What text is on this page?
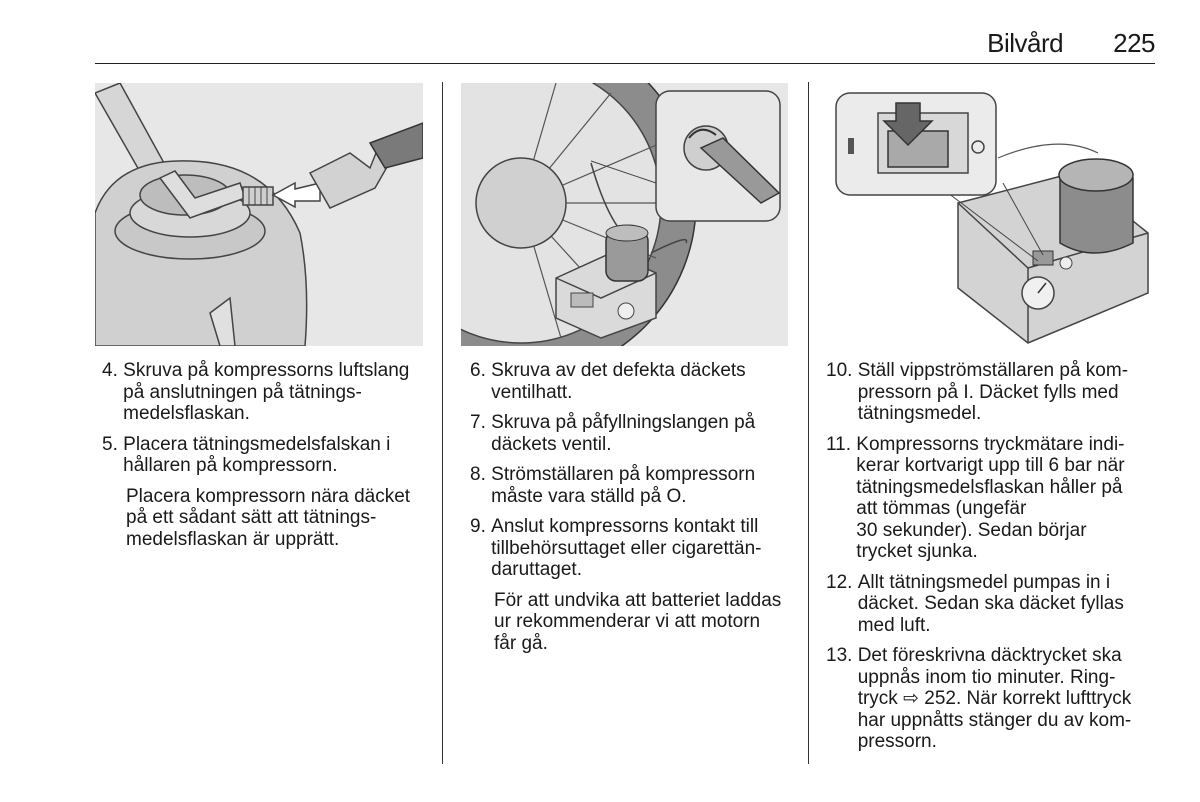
Bilvård 225
4.
Skruva på kompressorns luftslang
på anslutningen på tätnings-
medelsflaskan.
5.
Placera tätningsmedelsfalskan i
hållaren på kompressorn.
Placera kompressorn nära däcket
på ett sådant sätt att tätnings-
medelsflaskan är upprätt.
6.
Skruva av det defekta däckets
ventilhatt.
7.
Skruva på påfyllningslangen på
däckets ventil.
8.
Strömställaren på kompressorn
måste vara ställd på O.
9.
Anslut kompressorns kontakt till
tillbehörsuttaget eller cigarettän-
daruttaget.
För att undvika att batteriet laddas
ur rekommenderar vi att motorn
får gå.
10.
Ställ vippströmställaren på kom-
pressorn på I. Däcket fylls med
tätningsmedel.
11.
Kompressorns tryckmätare indi-
kerar kortvarigt upp till 6 bar när
tätningsmedelsflaskan håller på
att tömmas (ungefär
30 sekunder). Sedan börjar
trycket sjunka.
12.
Allt tätningsmedel pumpas in i
däcket. Sedan ska däcket fyllas
med luft.
13.
Det föreskrivna däcktrycket ska
uppnås inom tio minuter. Ring-
tryck ⇨ 252. När korrekt lufttryck
har uppnåtts stänger du av kom-
pressorn.
